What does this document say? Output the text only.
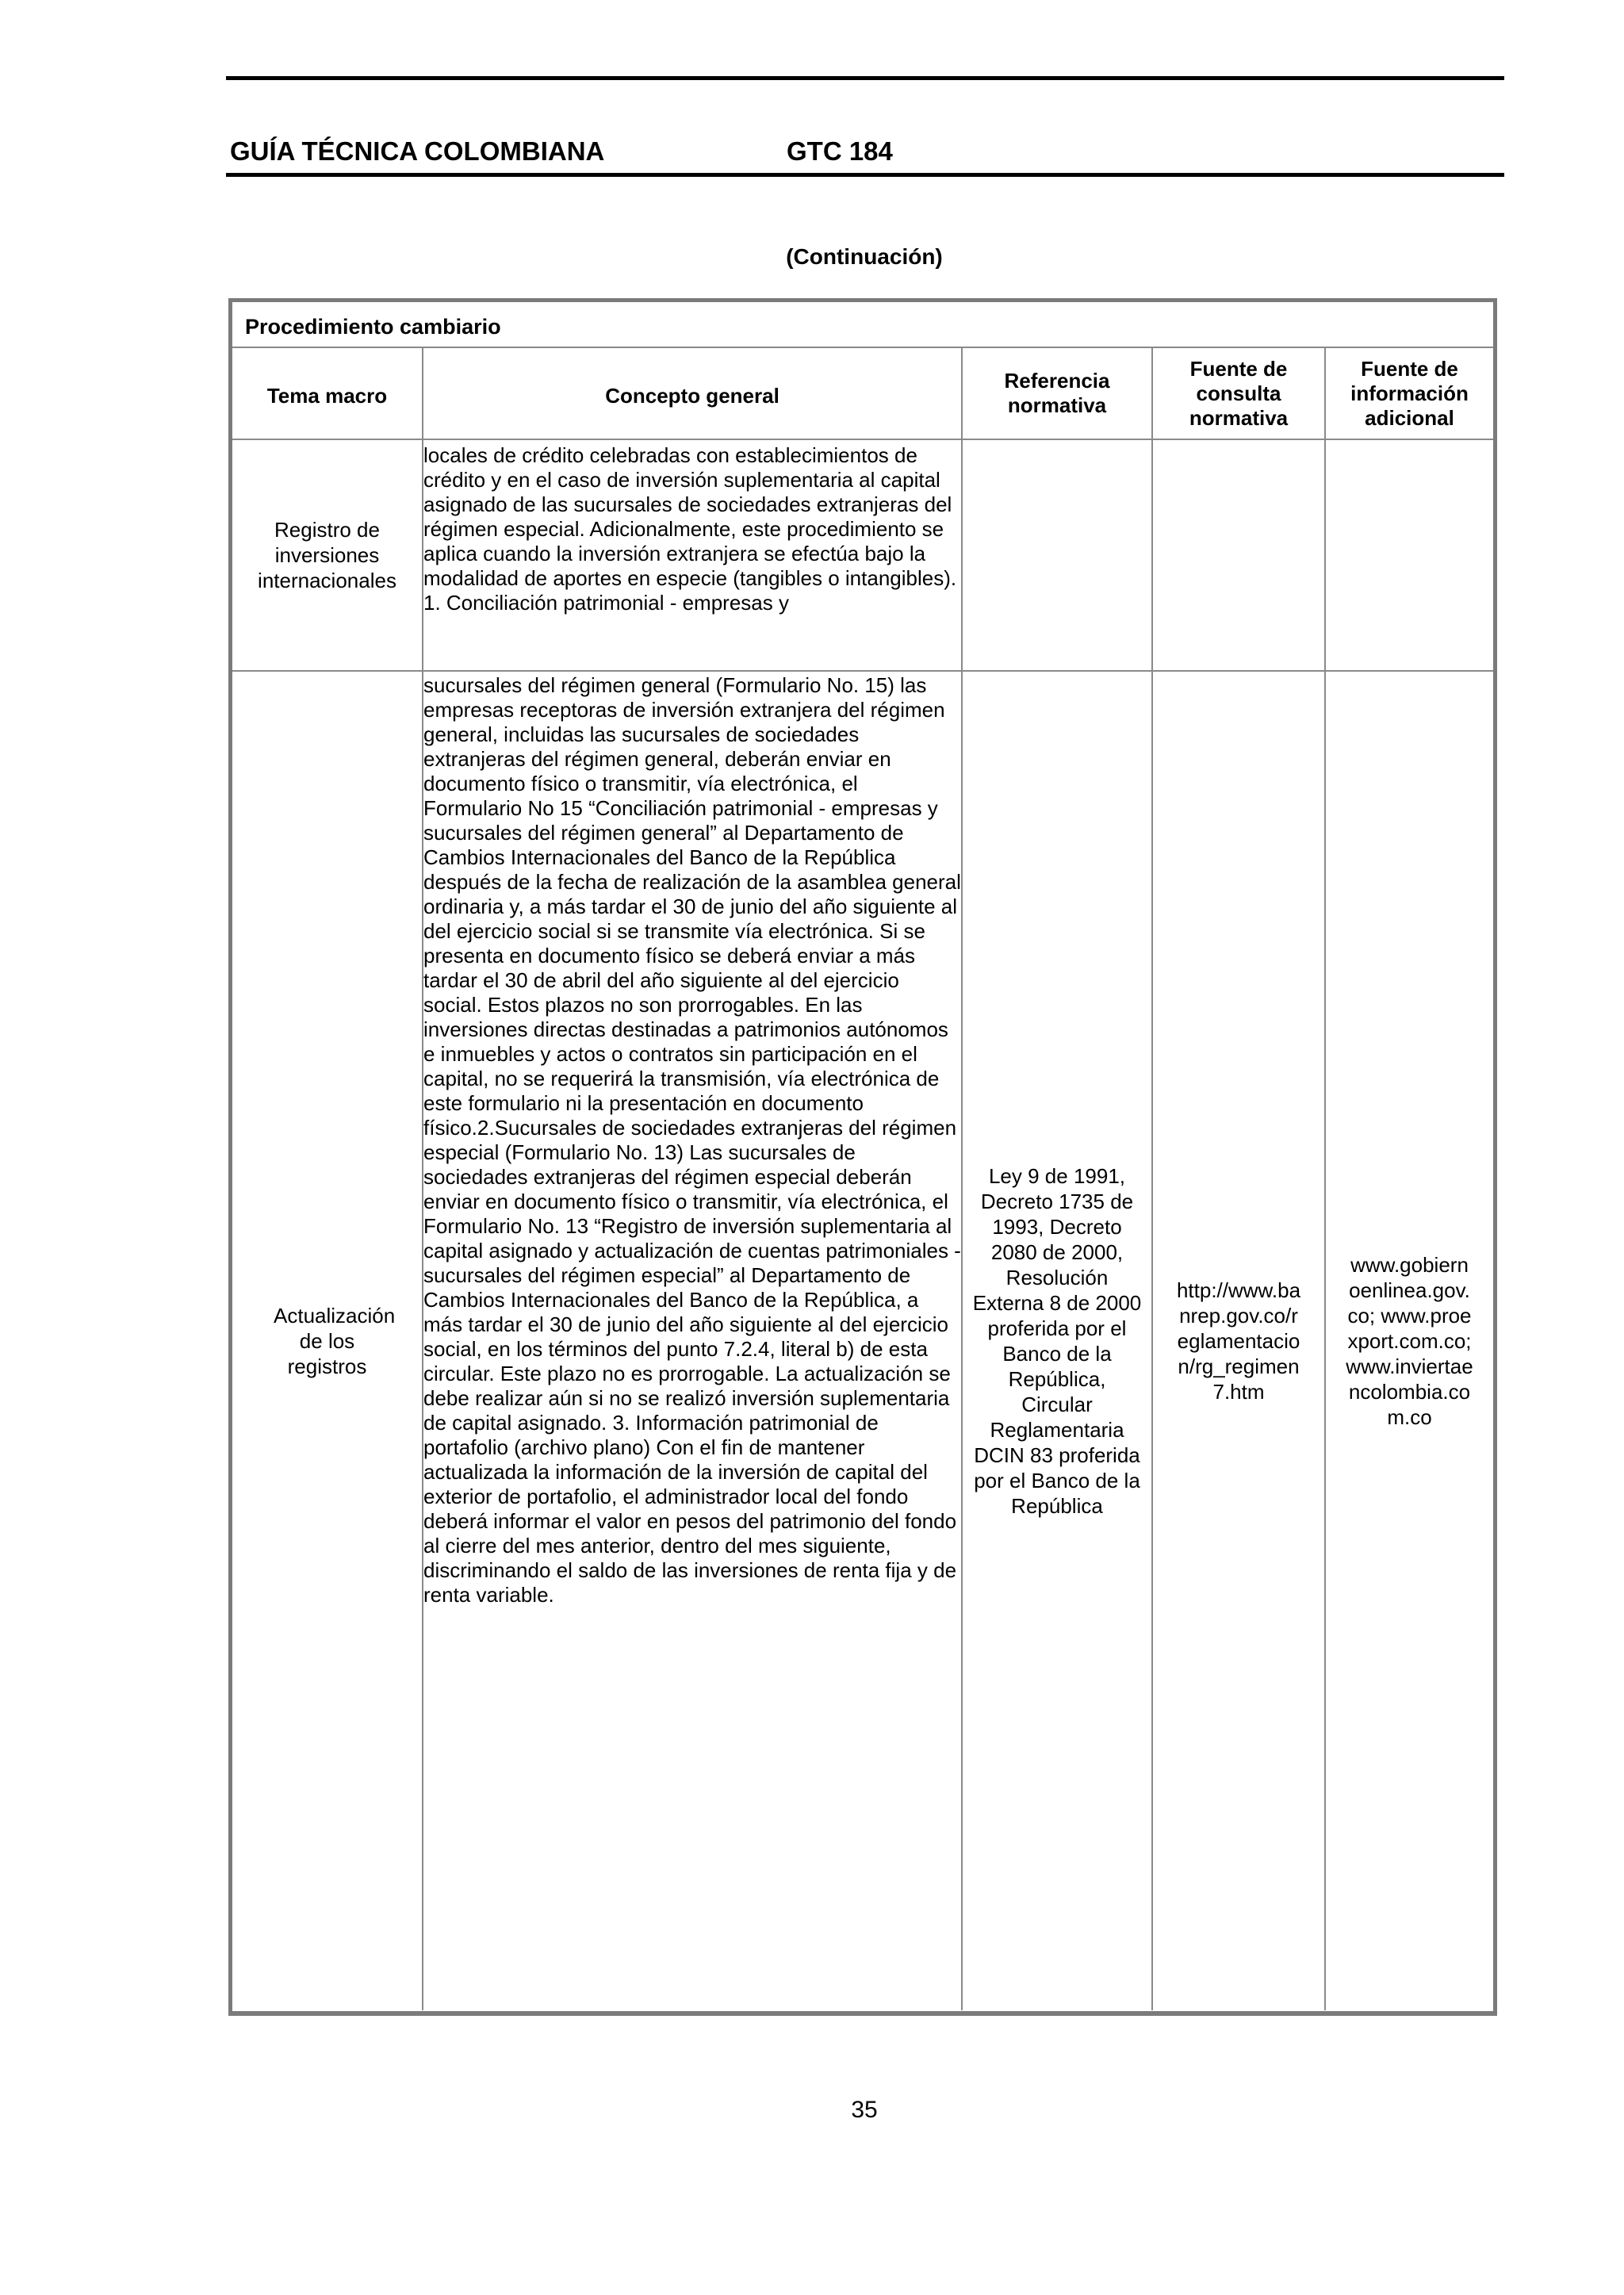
GUÍA TÉCNICA COLOMBIANA	GTC 184
(Continuación)
Procedimiento cambiario
Tema macro	Concepto general	Referencia normativa	Fuente de consulta normativa	Fuente de información adicional
Registro de inversiones internacionales	locales de crédito celebradas con establecimientos de crédito y en el caso de inversión suplementaria al capital asignado de las sucursales de sociedades extranjeras del régimen especial. Adicionalmente, este procedimiento se aplica cuando la inversión extranjera se efectúa bajo la modalidad de aportes en especie (tangibles o intangibles). 1. Conciliación patrimonial - empresas y			

Actualización de los registros	sucursales del régimen general (Formulario No. 15) las empresas receptoras de inversión extranjera del régimen general, incluidas las sucursales de sociedades extranjeras del régimen general, deberán enviar en documento físico o transmitir, vía electrónica, el Formulario No 15 “Conciliación patrimonial - empresas y sucursales del régimen general” al Departamento de Cambios Internacionales del Banco de la República después de la fecha de realización de la asamblea general ordinaria y, a más tardar el 30 de junio del año siguiente al del ejercicio social si se transmite vía electrónica. Si se presenta en documento físico se deberá enviar a más tardar el 30 de abril del año siguiente al del ejercicio social. Estos plazos no son prorrogables. En las inversiones directas destinadas a patrimonios autónomos e inmuebles y actos o contratos sin participación en el capital, no se requerirá la transmisión, vía electrónica de este formulario ni la presentación en documento físico.2.Sucursales de sociedades extranjeras del régimen especial (Formulario No. 13) Las sucursales de sociedades extranjeras del régimen especial deberán enviar en documento físico o transmitir, vía electrónica, el Formulario No. 13 “Registro de inversión suplementaria al capital asignado y actualización de cuentas patrimoniales - sucursales del régimen especial” al Departamento de Cambios Internacionales del Banco de la República, a más tardar el 30 de junio del año siguiente al del ejercicio social, en los términos del punto 7.2.4, literal b) de esta circular. Este plazo no es prorrogable. La actualización se debe realizar aún si no se realizó inversión suplementaria de capital asignado. 3. Información patrimonial de portafolio (archivo plano) Con el fin de mantener actualizada la información de la inversión de capital del exterior de portafolio, el administrador local del fondo deberá informar el valor en pesos del patrimonio del fondo al cierre del mes anterior, dentro del mes siguiente, discriminando el saldo de las inversiones de renta fija y de renta variable.	Ley 9 de 1991, Decreto 1735 de 1993, Decreto 2080 de 2000, Resolución Externa 8 de 2000 proferida por el Banco de la República, Circular Reglamentaria DCIN 83 proferida por el Banco de la República	http://www.banrep.gov.co/reglamentacion/rg_regimen7.htm	www.gobiernoenlinea.gov.co; www.proexport.com.co; www.inviertaencolombia.com.co
35
